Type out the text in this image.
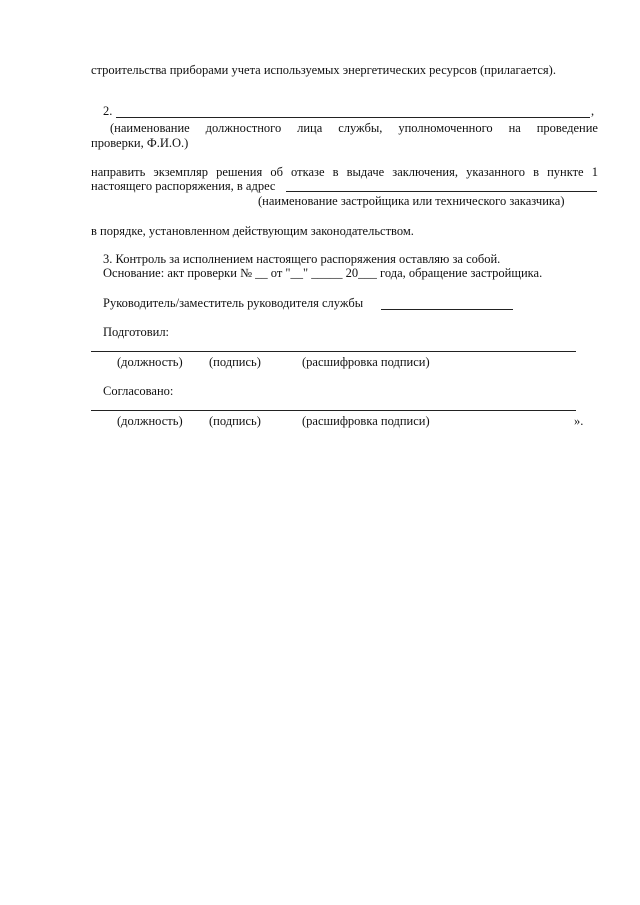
строительства приборами учета используемых энергетических ресурсов (прилагается).
2.	,
(наименование должностного лица службы, уполномоченного на проведение
проверки, Ф.И.О.)
направить экземпляр решения об отказе в выдаче заключения, указанного в пункте 1
настоящего распоряжения, в адрес
(наименование застройщика или технического заказчика)
в порядке, установленном действующим законодательством.
3. Контроль за исполнением настоящего распоряжения оставляю за собой.
Основание: акт проверки № __ от "__" _____ 20___ года, обращение застройщика.
Руководитель/заместитель руководителя службы
Подготовил:
(должность) (подпись)	(расшифровка подписи)
Согласовано:
(должность) (подпись)	(расшифровка подписи)	».
